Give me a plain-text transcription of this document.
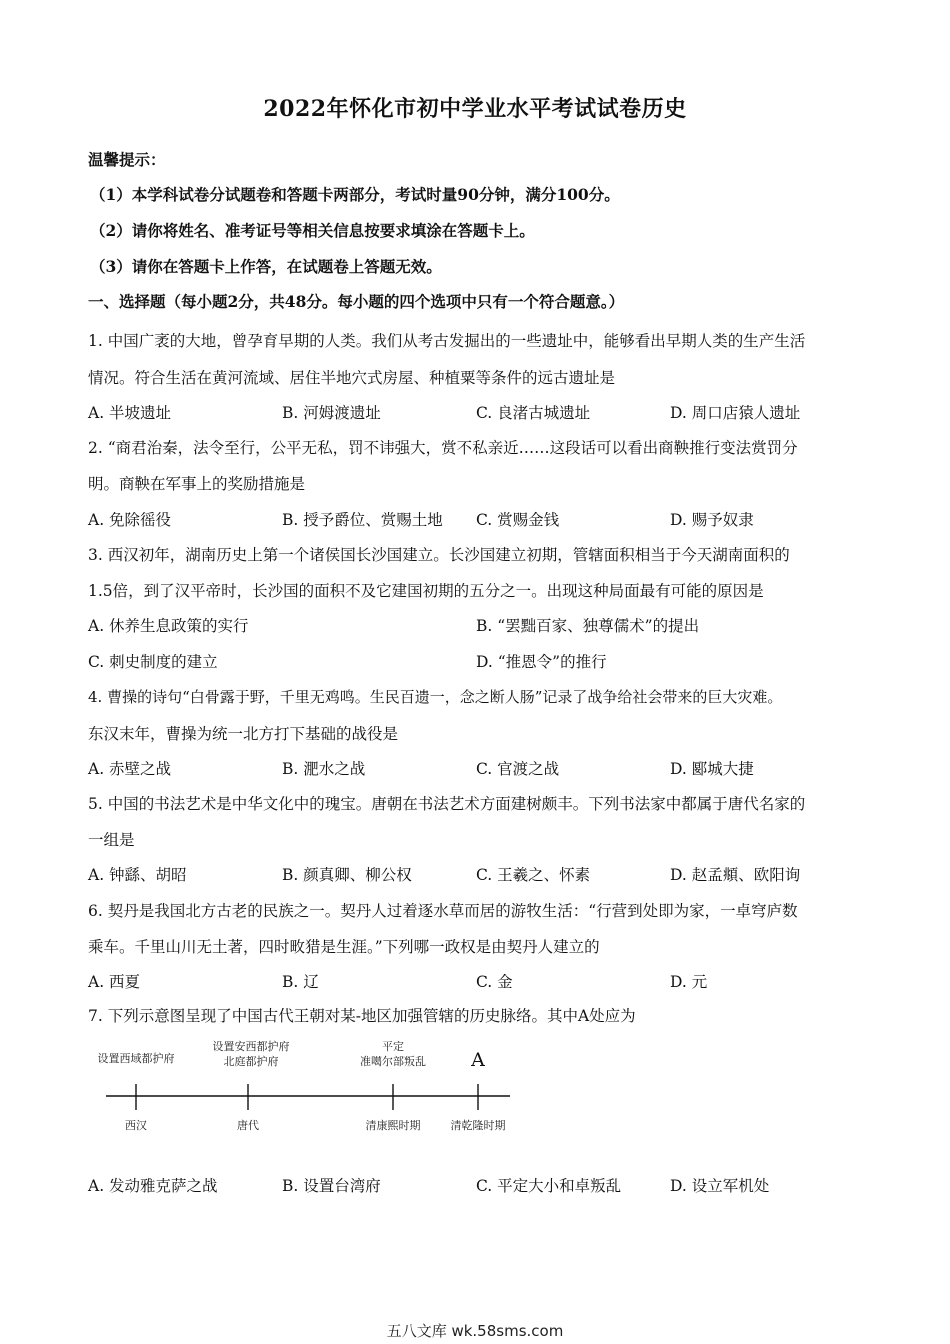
2022年怀化市初中学业水平考试试卷历史
温馨提示：
（1）本学科试卷分试题卷和答题卡两部分，考试时量90分钟，满分100分。
（2）请你将姓名、准考证号等相关信息按要求填涂在答题卡上。
（3）请你在答题卡上作答，在试题卷上答题无效。
一、选择题（每小题2分，共48分。每小题的四个选项中只有一个符合题意。）
1. 中国广袤的大地，曾孕育早期的人类。我们从考古发掘出的一些遗址中，能够看出早期人类的生产生活
情况。符合生活在黄河流域、居住半地穴式房屋、种植粟等条件的远古遗址是
A. 半坡遗址	B. 河姆渡遗址	C. 良渚古城遗址	D. 周口店猿人遗址
2. “商君治秦，法令至行，公平无私，罚不讳强大，赏不私亲近……这段话可以看出商鞅推行变法赏罚分
明。商鞅在军事上的奖励措施是
A. 免除徭役	B. 授予爵位、赏赐土地 C. 赏赐金钱	D. 赐予奴隶
3. 西汉初年，湖南历史上第一个诸侯国长沙国建立。长沙国建立初期，管辖面积相当于今天湖南面积的
1.5倍，到了汉平帝时，长沙国的面积不及它建国初期的五分之一。出现这种局面最有可能的原因是
A. 休养生息政策的实行	B. “罢黜百家、独尊儒术”的提出
C. 刺史制度的建立	D. “推恩令”的推行
4. 曹操的诗句“白骨露于野，千里无鸡鸣。生民百遗一，念之断人肠”记录了战争给社会带来的巨大灾难。
东汉末年，曹操为统一北方打下基础的战役是
A. 赤壁之战	B. 淝水之战	C. 官渡之战	D. 郾城大捷
5. 中国的书法艺术是中华文化中的瑰宝。唐朝在书法艺术方面建树颇丰。下列书法家中都属于唐代名家的
一组是
A. 钟繇、胡昭	B. 颜真卿、柳公权	C. 王羲之、怀素	D. 赵孟頫、欧阳询
6. 契丹是我国北方古老的民族之一。契丹人过着逐水草而居的游牧生活：“行营到处即为家，一卓穹庐数
乘车。千里山川无土著，四时畋猎是生涯。”下列哪一政权是由契丹人建立的
A. 西夏	B. 辽	C. 金	D. 元
7. 下列示意图呈现了中国古代王朝对某-地区加强管辖的历史脉络。其中A处应为
设置西域都护府
设置安西都护府
北庭都护府
平定
准噶尔部叛乱 A
西汉	唐代	清康熙时期	清乾隆时期
A. 发动雅克萨之战	B. 设置台湾府	C. 平定大小和卓叛乱	D. 设立军机处
五八文库 wk.58sms.com
